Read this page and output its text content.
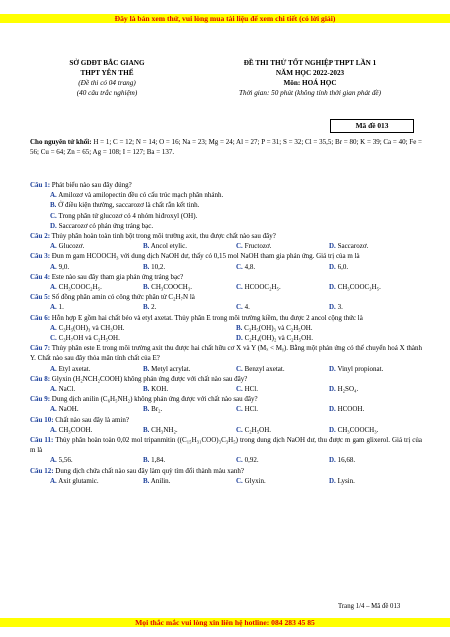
Đây là bản xem thử, vui lòng mua tài liệu để xem chi tiết (có lời giải)
SỞ GDĐT BẮC GIANG
THPT YÊN THẾ
(Đề thi có 04 trang)
(40 câu trắc nghiệm)
ĐỀ THI THỬ TỐT NGHIỆP THPT LẦN 1
NĂM HỌC 2022-2023
Môn: HOÁ HỌC
Thời gian: 50 phút (không tính thời gian phát đề)
Mã đề 013
Cho nguyên tử khối: H = 1; C = 12; N = 14; O = 16; Na = 23; Mg = 24; Al = 27; P = 31; S = 32; Cl = 35,5; Br = 80; K = 39; Ca = 40; Fe = 56; Cu = 64; Zn = 65; Ag = 108; I = 127; Ba = 137.
Câu 1: Phát biểu nào sau đây đúng?
A. Amilozơ và amilopectin đều có cấu trúc mạch phân nhánh.
B. Ở điều kiện thường, saccarozơ là chất rắn kết tinh.
C. Trong phân tử glucozơ có 4 nhóm hiđroxyl (OH).
D. Saccarozơ có phản ứng tráng bạc.
Câu 2: Thủy phân hoàn toàn tinh bột trong môi trường axit, thu được chất nào sau đây?
A. Glucozơ.	B. Ancol etylic.	C. Fructozơ.	D. Saccarozơ.
Câu 3: Đun m gam HCOOCH₃ với dung dịch NaOH dư, thấy có 0,15 mol NaOH tham gia phản ứng. Giá trị của m là
A. 9,0.	B. 10,2.	C. 4,8.	D. 6,0.
Câu 4: Este nào sau đây tham gia phản ứng tráng bạc?
A. CH₃COOC₂H₅.	B. CH₃COOCH₃.	C. HCOOC₂H₅.	D. CH₃COOC₃H₅.
Câu 5: Số đồng phân amin có công thức phân tử C₂H₇N là
A. 1.	B. 2.	C. 4.	D. 3.
Câu 6: Hỗn hợp E gồm hai chất béo và etyl axetat. Thủy phân E trong môi trường kiềm, thu được 2 ancol cộng thức là
A. C₃H₅(OH)₃ và CH₃OH.	B. C₃H₅(OH)₃ và C₂H₅OH.
C. C₃H₇OH và C₂H₅OH.	D. C₂H₄(OH)₂ và C₂H₅OH.
Câu 7: Thủy phân este E trong môi trường axit thu được hai chất hữu cơ X và Y (Mₓ < Mᵧ). Bằng một phản ứng có thể chuyển hoá X thành Y. Chất nào sau đây thỏa mãn tính chất của E?
A. Etyl axetat.	B. Metyl acrylat.	C. Benzyl axetat.	D. Vinyl propionat.
Câu 8: Glyxin (H₂NCH₂COOH) không phản ứng được với chất nào sau đây?
A. NaCl.	B. KOH.	C. HCl.	D. H₂SO₄.
Câu 9: Dung dịch anilin (C₆H₅NH₂) không phản ứng được với chất nào sau đây?
A. NaOH.	B. Br₂.	C. HCl.	D. HCOOH.
Câu 10: Chất nào sau đây là amin?
A. CH₃COOH.	B. CH₃NH₂.	C. C₂H₅OH.	D. CH₃COOCH₃.
Câu 11: Thủy phân hoàn toàn 0,02 mol tripanmitin ((C₁₅H₃₁COO)₃C₃H₅) trong dung dịch NaOH dư, thu được m gam glixerol. Giá trị của m là
A. 5,56.	B. 1,84.	C. 0,92.	D. 16,68.
Câu 12: Dung dịch chứa chất nào sau đây làm quỳ tím đổi thành màu xanh?
A. Axit glutamic.	B. Anilin.	C. Glyxin.	D. Lysin.
Trang 1/4 – Mã đề 013
Mọi thắc mắc vui lòng xin liên hệ hotline: 084 283 45 85
